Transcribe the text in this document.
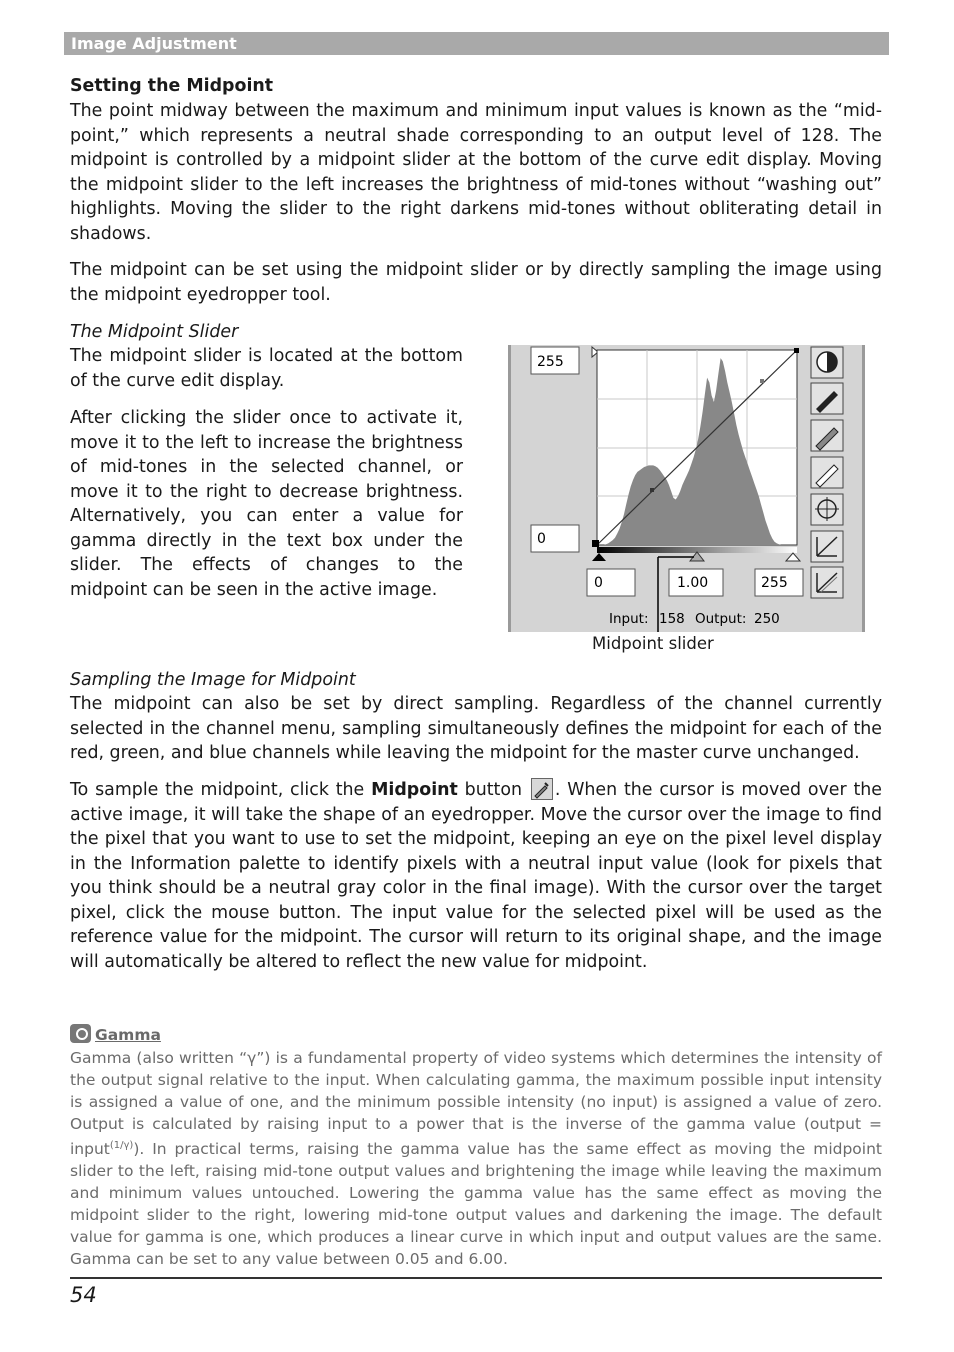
Image Adjustment
Setting the Midpoint

The point midway between the maximum and minimum input values is known as the “mid-point,” which represents a neutral shade corresponding to an output level of 128. The midpoint is controlled by a midpoint slider at the bottom of the curve edit display. Moving the midpoint slider to the left increases the brightness of mid-tones without “washing out” highlights. Moving the slider to the right darkens mid-tones without obliterating detail in shadows.

The midpoint can be set using the midpoint slider or by directly sampling the image using the midpoint eyedropper tool.

The Midpoint Slider

The midpoint slider is located at the bottom of the curve edit display.

After clicking the slider once to activate it, move it to the left to increase the brightness of mid-tones in the selected channel, or move it to the right to decrease brightness. Alternatively, you can enter a value for gamma directly in the text box under the slider. The effects of changes to the midpoint can be seen in the active image.

255
0
0	1.00	255
Input: 158 Output: 250
Midpoint slider
Sampling the Image for Midpoint

The midpoint can also be set by direct sampling. Regardless of the channel currently selected in the channel menu, sampling simultaneously defines the midpoint for each of the red, green, and blue channels while leaving the midpoint for the master curve unchanged.

To sample the midpoint, click the Midpoint button . When the cursor is moved over the active image, it will take the shape of an eyedropper. Move the cursor over the image to find the pixel that you want to use to set the midpoint, keeping an eye on the pixel level display in the Information palette to identify pixels with a neutral input value (look for pixels that you think should be a neutral gray color in the final image). With the cursor over the target pixel, click the mouse button. The input value for the selected pixel will be used as the reference value for the midpoint. The cursor will return to its original shape, and the image will automatically be altered to reflect the new value for midpoint.

Gamma

Gamma (also written “γ”) is a fundamental property of video systems which determines the intensity of the output signal relative to the input. When calculating gamma, the maximum possible input intensity is assigned a value of one, and the minimum possible intensity (no input) is assigned a value of zero. Output is calculated by raising input to a power that is the inverse of the gamma value (output = input$^{(1/\gamma)}$). In practical terms, raising the gamma value has the same effect as moving the midpoint slider to the left, raising mid-tone output values and brightening the image while leaving the maximum and minimum values untouched. Lowering the gamma value has the same effect as moving the midpoint slider to the right, lowering mid-tone output values and darkening the image. The default value for gamma is one, which produces a linear curve in which input and output values are the same. Gamma can be set to any value between 0.05 and 6.00.

54
